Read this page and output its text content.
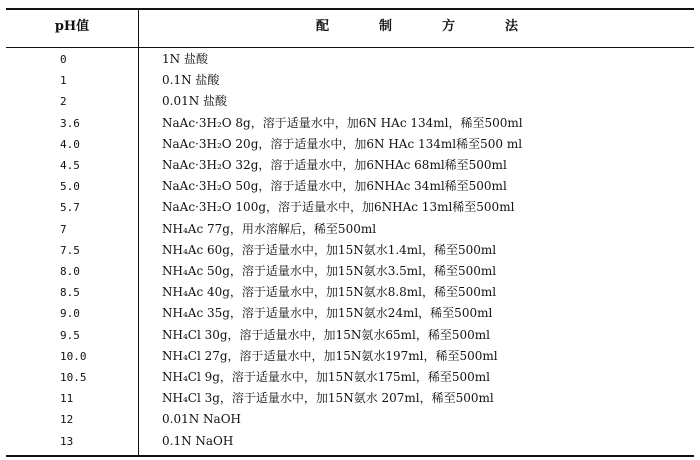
pH值	配制方法
0	1N 盐酸
1	0.1N 盐酸
2	0.01N 盐酸
3.6	NaAc·3H₂O 8g，溶于适量水中，加6N HAc 134ml，稀至500ml
4.0	NaAc·3H₂O 20g，溶于适量水中，加6N HAc 134ml稀至500 ml
4.5	NaAc·3H₂O 32g，溶于适量水中，加6NHAc 68ml稀至500ml
5.0	NaAc·3H₂O 50g，溶于适量水中，加6NHAc 34ml稀至500ml
5.7	NaAc·3H₂O 100g，溶于适量水中，加6NHAc 13ml稀至500ml
7	NH₄Ac 77g，用水溶解后，稀至500ml
7.5	NH₄Ac 60g，溶于适量水中，加15N氨水1.4ml，稀至500ml
8.0	NH₄Ac 50g，溶于适量水中，加15N氨水3.5ml，稀至500ml
8.5	NH₄Ac 40g，溶于适量水中，加15N氨水8.8ml，稀至500ml
9.0	NH₄Ac 35g，溶于适量水中，加15N氨水24ml，稀至500ml
9.5	NH₄Cl 30g，溶于适量水中，加15N氨水65ml，稀至500ml
10.0	NH₄Cl 27g，溶于适量水中，加15N氨水197ml，稀至500ml
10.5	NH₄Cl 9g，溶于适量水中，加15N氨水175ml，稀至500ml
11	NH₄Cl 3g，溶于适量水中，加15N氨水 207ml，稀至500ml
12	0.01N NaOH
13	0.1N NaOH
